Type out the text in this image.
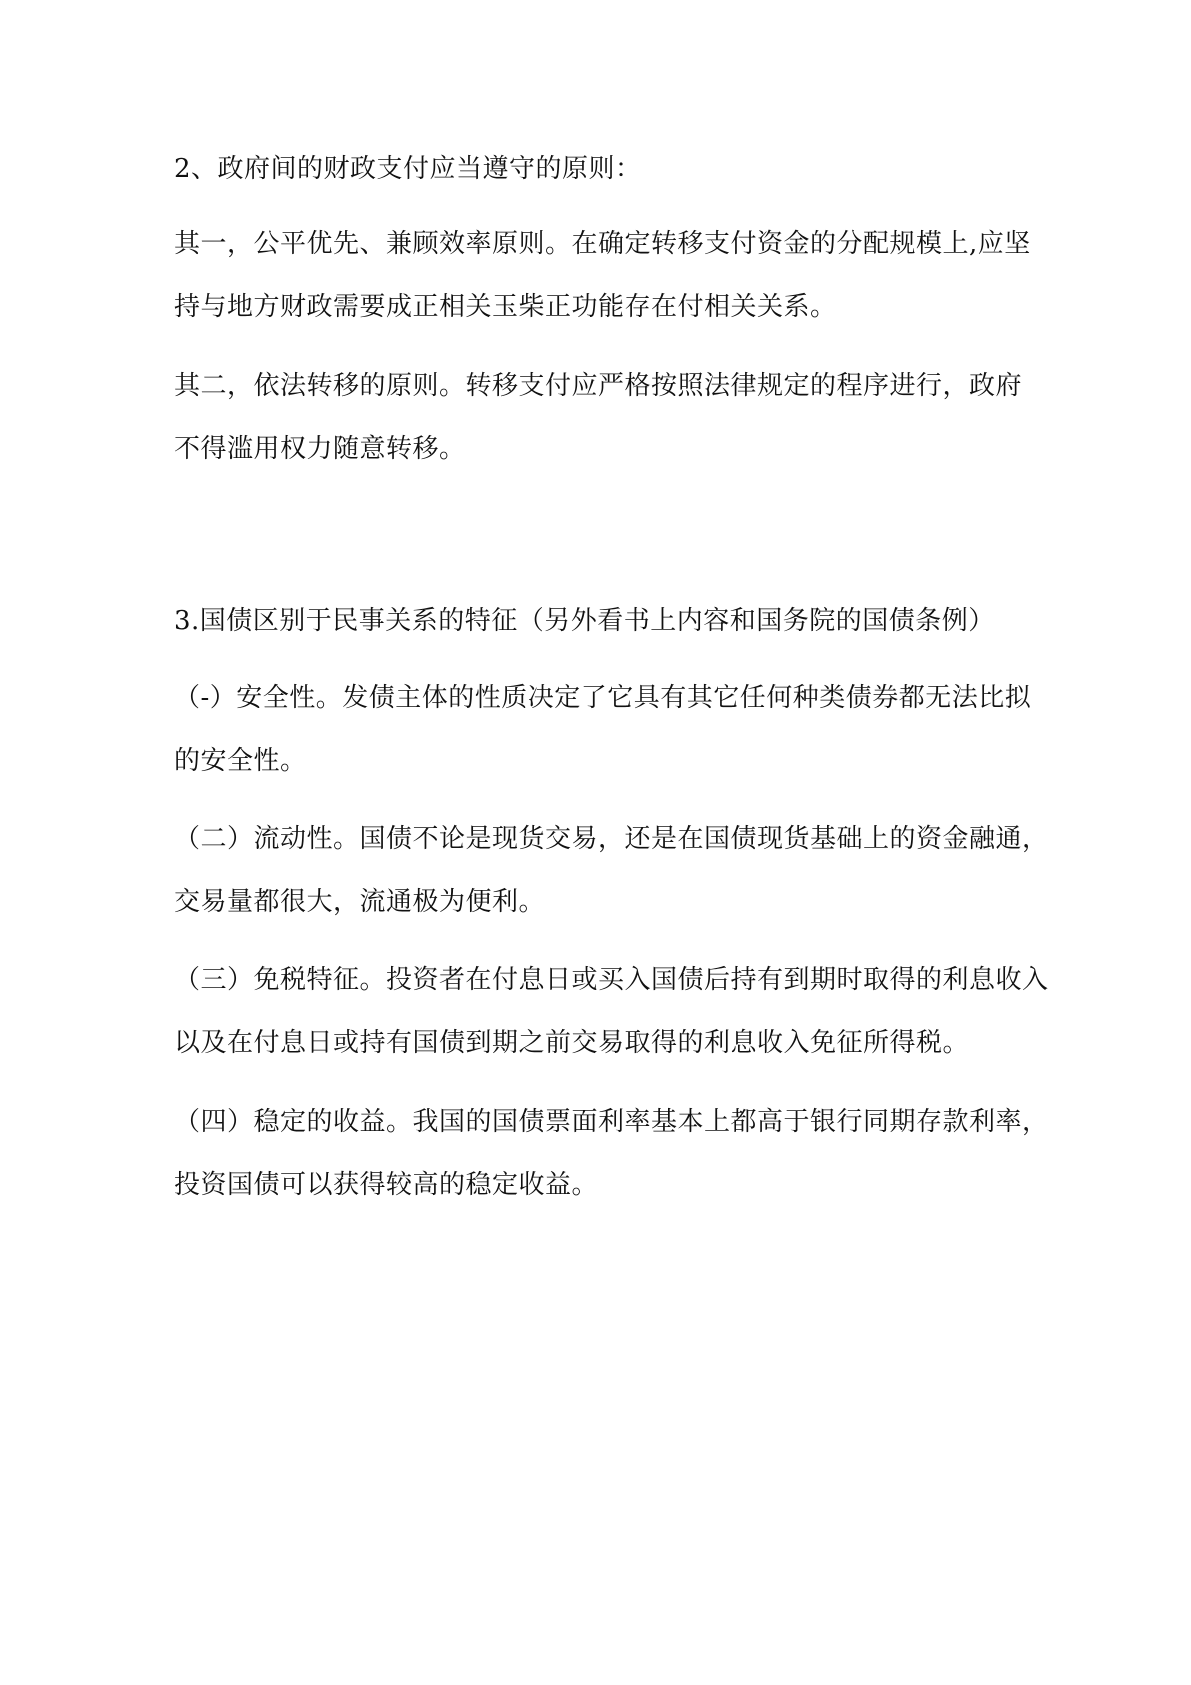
2、政府间的财政支付应当遵守的原则：
其一，公平优先、兼顾效率原则。在确定转移支付资金的分配规模上,应坚
持与地方财政需要成正相关玉柴正功能存在付相关关系。
其二，依法转移的原则。转移支付应严格按照法律规定的程序进行，政府
不得滥用权力随意转移。
3.国债区别于民事关系的特征（另外看书上内容和国务院的国债条例）
（-）安全性。发债主体的性质决定了它具有其它任何种类债券都无法比拟
的安全性。
（二）流动性。国债不论是现货交易，还是在国债现货基础上的资金融通，
交易量都很大，流通极为便利。
（三）免税特征。投资者在付息日或买入国债后持有到期时取得的利息收入
以及在付息日或持有国债到期之前交易取得的利息收入免征所得税。
（四）稳定的收益。我国的国债票面利率基本上都高于银行同期存款利率，
投资国债可以获得较高的稳定收益。
